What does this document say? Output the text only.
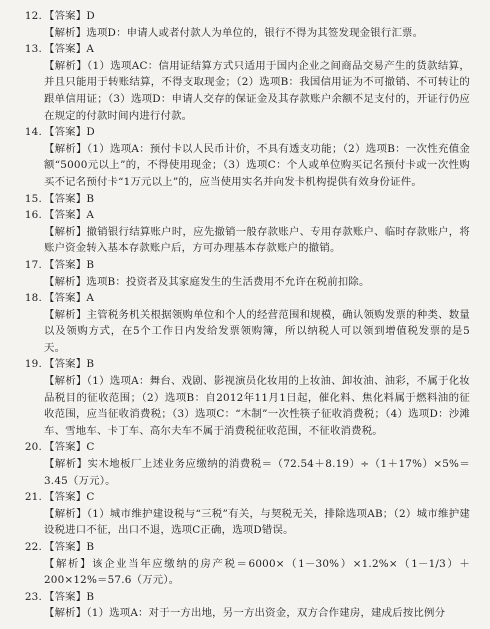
12. 【答案】 D
【解析】选项D：申请人或者付款人为单位的，银行不得为其签发现金银行汇票。
13. 【答案】 A
【解析】（1）选项AC：信用证结算方式只适用于国内企业之间商品交易产生的货款结算，并且只能用于转账结算，不得支取现金；（2）选项B：我国信用证为不可撤销、不可转让的跟单信用证；（3）选项D：申请人交存的保证金及其存款账户余额不足支付的，开证行仍应在规定的付款时间内进行付款。
14. 【答案】 D
【解析】（1）选项A：预付卡以人民币计价，不具有透支功能；（2）选项B：一次性充值金额“5000元以上”的，不得使用现金；（3）选项C：个人或单位购买记名预付卡或一次性购买不记名预付卡“1万元以上”的，应当使用实名并向发卡机构提供有效身份证件。
15. 【答案】 B
16. 【答案】 A
【解析】撤销银行结算账户时，应先撤销一般存款账户、专用存款账户、临时存款账户，将账户资金转入基本存款账户后，方可办理基本存款账户的撤销。
17. 【答案】 B
【解析】选项B：投资者及其家庭发生的生活费用不允许在税前扣除。
18. 【答案】 A
【解析】主管税务机关根据领购单位和个人的经营范围和规模，确认领购发票的种类、数量以及领购方式，在5个工作日内发给发票领购簿，所以纳税人可以领到增值税发票的是5天。
19. 【答案】 B
【解析】（1）选项A：舞台、戏剧、影视演员化妆用的上妆油、卸妆油、油彩，不属于化妆品税目的征收范围；（2）选项B：自2012年11月1日起，催化料、焦化料属于燃料油的征收范围，应当征收消费税；（3）选项C：“木制”一次性筷子征收消费税；（4）选项D：沙滩车、雪地车、卡丁车、高尔夫车不属于消费税征收范围，不征收消费税。
20. 【答案】 C
【解析】实木地板厂上述业务应缴纳的消费税＝（72.54＋8.19）÷（1＋17%）×5%＝3.45（万元）。
21. 【答案】 C
【解析】（1）城市维护建设税与“三税”有关，与契税无关，排除选项AB；（2）城市维护建设税进口不征，出口不退，选项C正确，选项D错误。
22. 【答案】 B
【解析】该企业当年应缴纳的房产税＝6000×（1－30%）×1.2%×（1－1/3）＋200×12%＝57.6（万元）。
23. 【答案】 B
【解析】（1）选项A：对于一方出地，另一方出资金，双方合作建房，建成后按比例分
